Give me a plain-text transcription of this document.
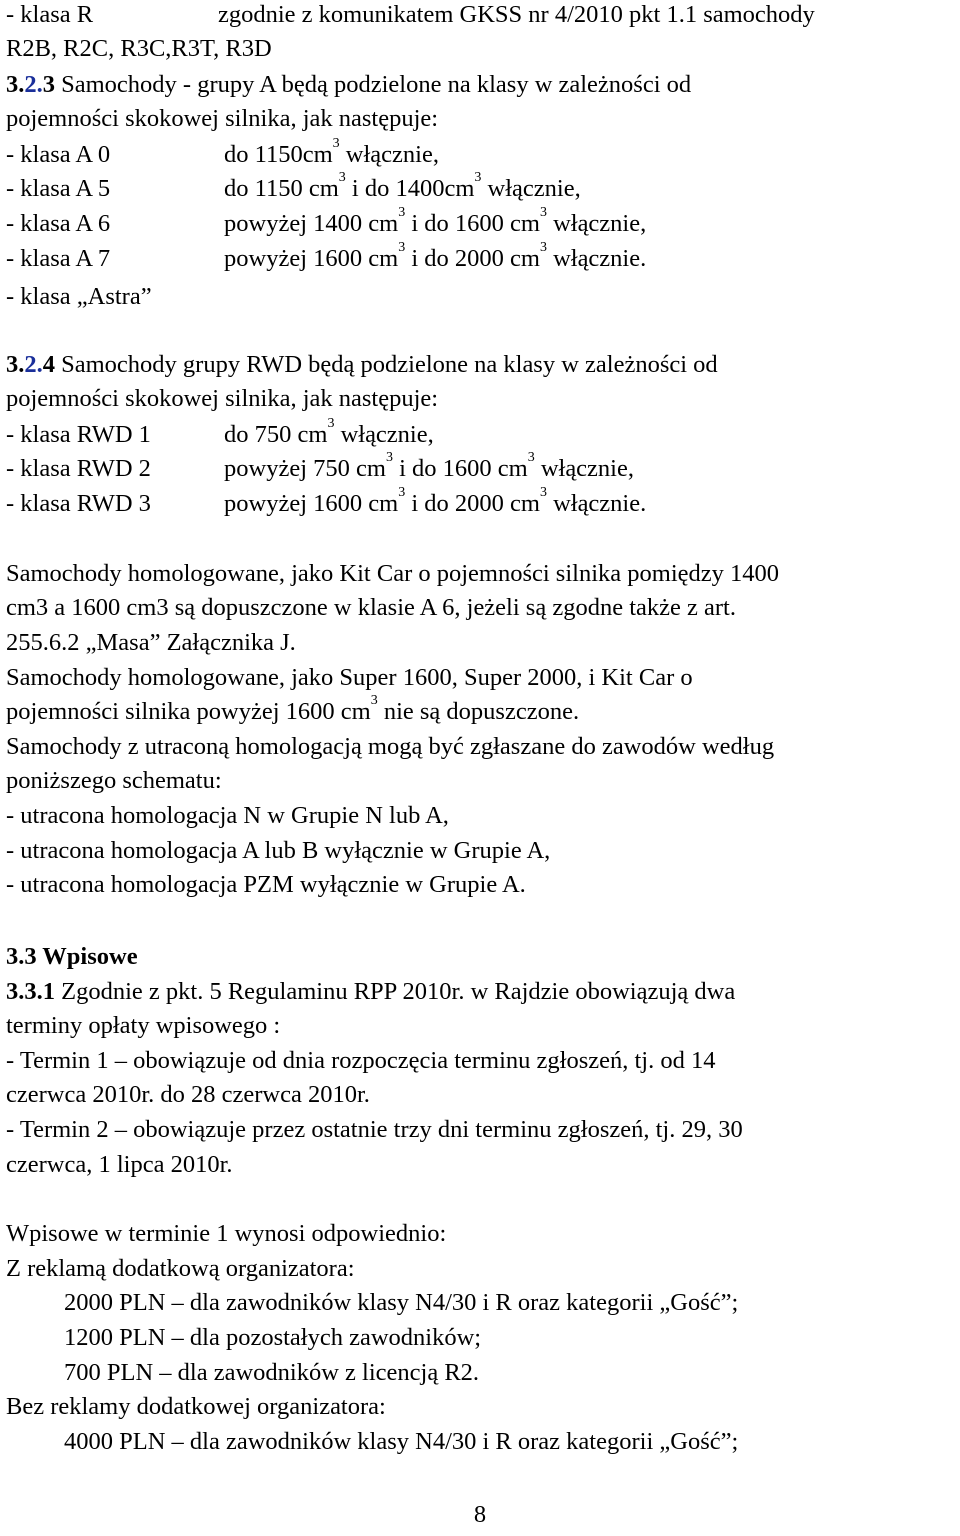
- klasa R	zgodnie z komunikatem GKSS nr 4/2010 pkt 1.1 samochody
R2B, R2C, R3C,R3T, R3D
3.2.3 Samochody - grupy A będą podzielone na klasy w zależności od
pojemności skokowej silnika, jak następuje:
- klasa A 0	do $1150cm^3$ włącznie,
- klasa A 5	do 1150 $cm^3$ i do $1400cm^3$ włącznie,
- klasa A 6	powyżej 1400 $cm^3$ i do 1600 $cm^3$ włącznie,
- klasa A 7	powyżej 1600 $cm^3$ i do 2000 $cm^3$ włącznie.
- klasa „Astra”
3.2.4 Samochody grupy RWD będą podzielone na klasy w zależności od
pojemności skokowej silnika, jak następuje:
- klasa RWD 1	do 750 $cm^3$ włącznie,
- klasa RWD 2	powyżej 750 $cm^3$ i do 1600 $cm^3$ włącznie,
- klasa RWD 3	powyżej 1600 $cm^3$ i do 2000 $cm^3$ włącznie.
Samochody homologowane, jako Kit Car o pojemności silnika pomiędzy 1400
cm3 a 1600 cm3 są dopuszczone w klasie A 6, jeżeli są zgodne także z art.
255.6.2 „Masa” Załącznika J.
Samochody homologowane, jako Super 1600, Super 2000, i Kit Car o
pojemności silnika powyżej 1600 $cm^3$ nie są dopuszczone.
Samochody z utraconą homologacją mogą być zgłaszane do zawodów według
poniższego schematu:
- utracona homologacja N w Grupie N lub A,
- utracona homologacja A lub B wyłącznie w Grupie A,
- utracona homologacja PZM wyłącznie w Grupie A.
3.3 Wpisowe
3.3.1 Zgodnie z pkt. 5 Regulaminu RPP 2010r. w Rajdzie obowiązują dwa
terminy opłaty wpisowego :
- Termin 1 – obowiązuje od dnia rozpoczęcia terminu zgłoszeń, tj. od 14
czerwca 2010r. do 28 czerwca 2010r.
- Termin 2 – obowiązuje przez ostatnie trzy dni terminu zgłoszeń, tj. 29, 30
czerwca, 1 lipca 2010r.
Wpisowe w terminie 1 wynosi odpowiednio:
Z reklamą dodatkową organizatora:
2000 PLN – dla zawodników klasy N4/30 i R oraz kategorii „Gość”;
1200 PLN – dla pozostałych zawodników;
700 PLN – dla zawodników z licencją R2.
Bez reklamy dodatkowej organizatora:
4000 PLN – dla zawodników klasy N4/30 i R oraz kategorii „Gość”;
8
